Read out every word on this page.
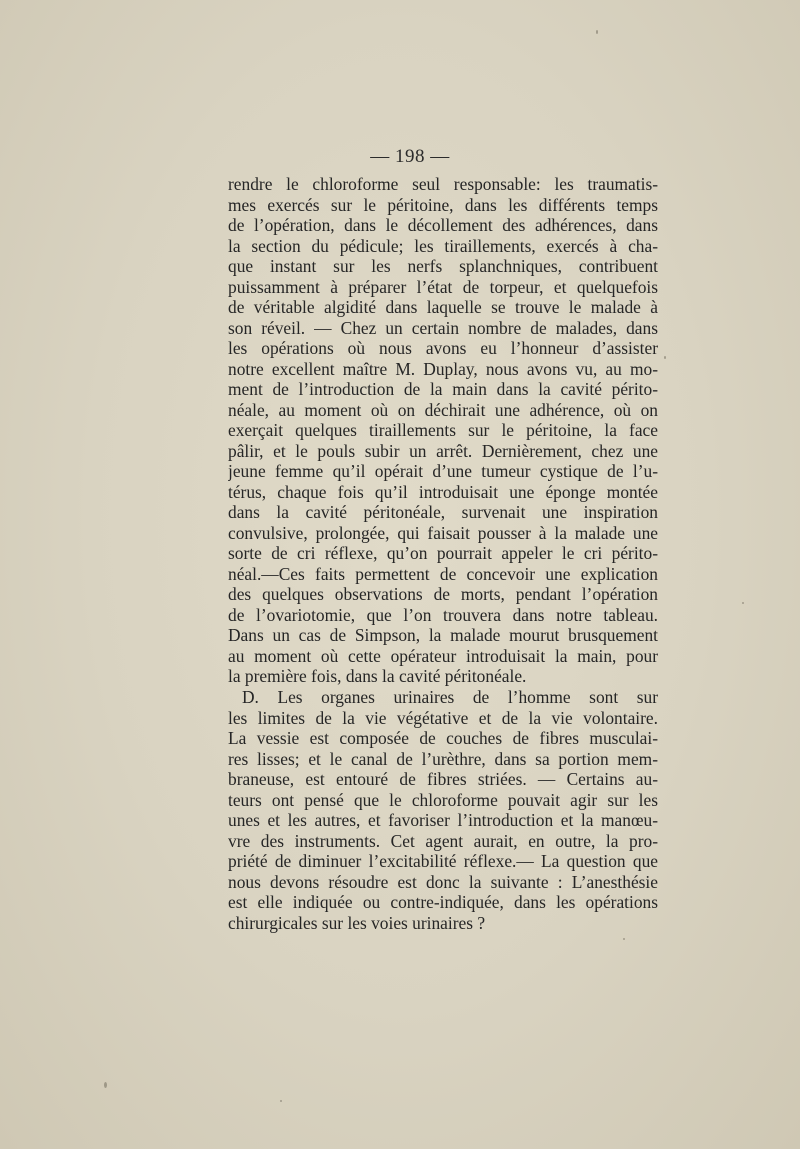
— 198 —
rendre le chloroforme seul responsable: les traumatis-
mes exercés sur le péritoine, dans les différents temps
de l’opération, dans le décollement des adhérences, dans
la section du pédicule; les tiraillements, exercés à cha-
que instant sur les nerfs splanchniques, contribuent
puissamment à préparer l’état de torpeur, et quelquefois
de véritable algidité dans laquelle se trouve le malade à
son réveil. — Chez un certain nombre de malades, dans
les opérations où nous avons eu l’honneur d’assister
notre excellent maître M. Duplay, nous avons vu, au mo-
ment de l’introduction de la main dans la cavité périto-
néale, au moment où on déchirait une adhérence, où on
exerçait quelques tiraillements sur le péritoine, la face
pâlir, et le pouls subir un arrêt. Dernièrement, chez une
jeune femme qu’il opérait d’une tumeur cystique de l’u-
térus, chaque fois qu’il introduisait une éponge montée
dans la cavité péritonéale, survenait une inspiration
convulsive, prolongée, qui faisait pousser à la malade une
sorte de cri réflexe, qu’on pourrait appeler le cri périto-
néal.—Ces faits permettent de concevoir une explication
des quelques observations de morts, pendant l’opération
de l’ovariotomie, que l’on trouvera dans notre tableau.
Dans un cas de Simpson, la malade mourut brusquement
au moment où cette opérateur introduisait la main, pour
la première fois, dans la cavité péritonéale.
D. Les organes urinaires de l’homme sont sur
les limites de la vie végétative et de la vie volontaire.
La vessie est composée de couches de fibres musculai-
res lisses; et le canal de l’urèthre, dans sa portion mem-
braneuse, est entouré de fibres striées. — Certains au-
teurs ont pensé que le chloroforme pouvait agir sur les
unes et les autres, et favoriser l’introduction et la manœu-
vre des instruments. Cet agent aurait, en outre, la pro-
priété de diminuer l’excitabilité réflexe.— La question que
nous devons résoudre est donc la suivante : L’anesthésie
est elle indiquée ou contre-indiquée, dans les opérations
chirurgicales sur les voies urinaires ?
